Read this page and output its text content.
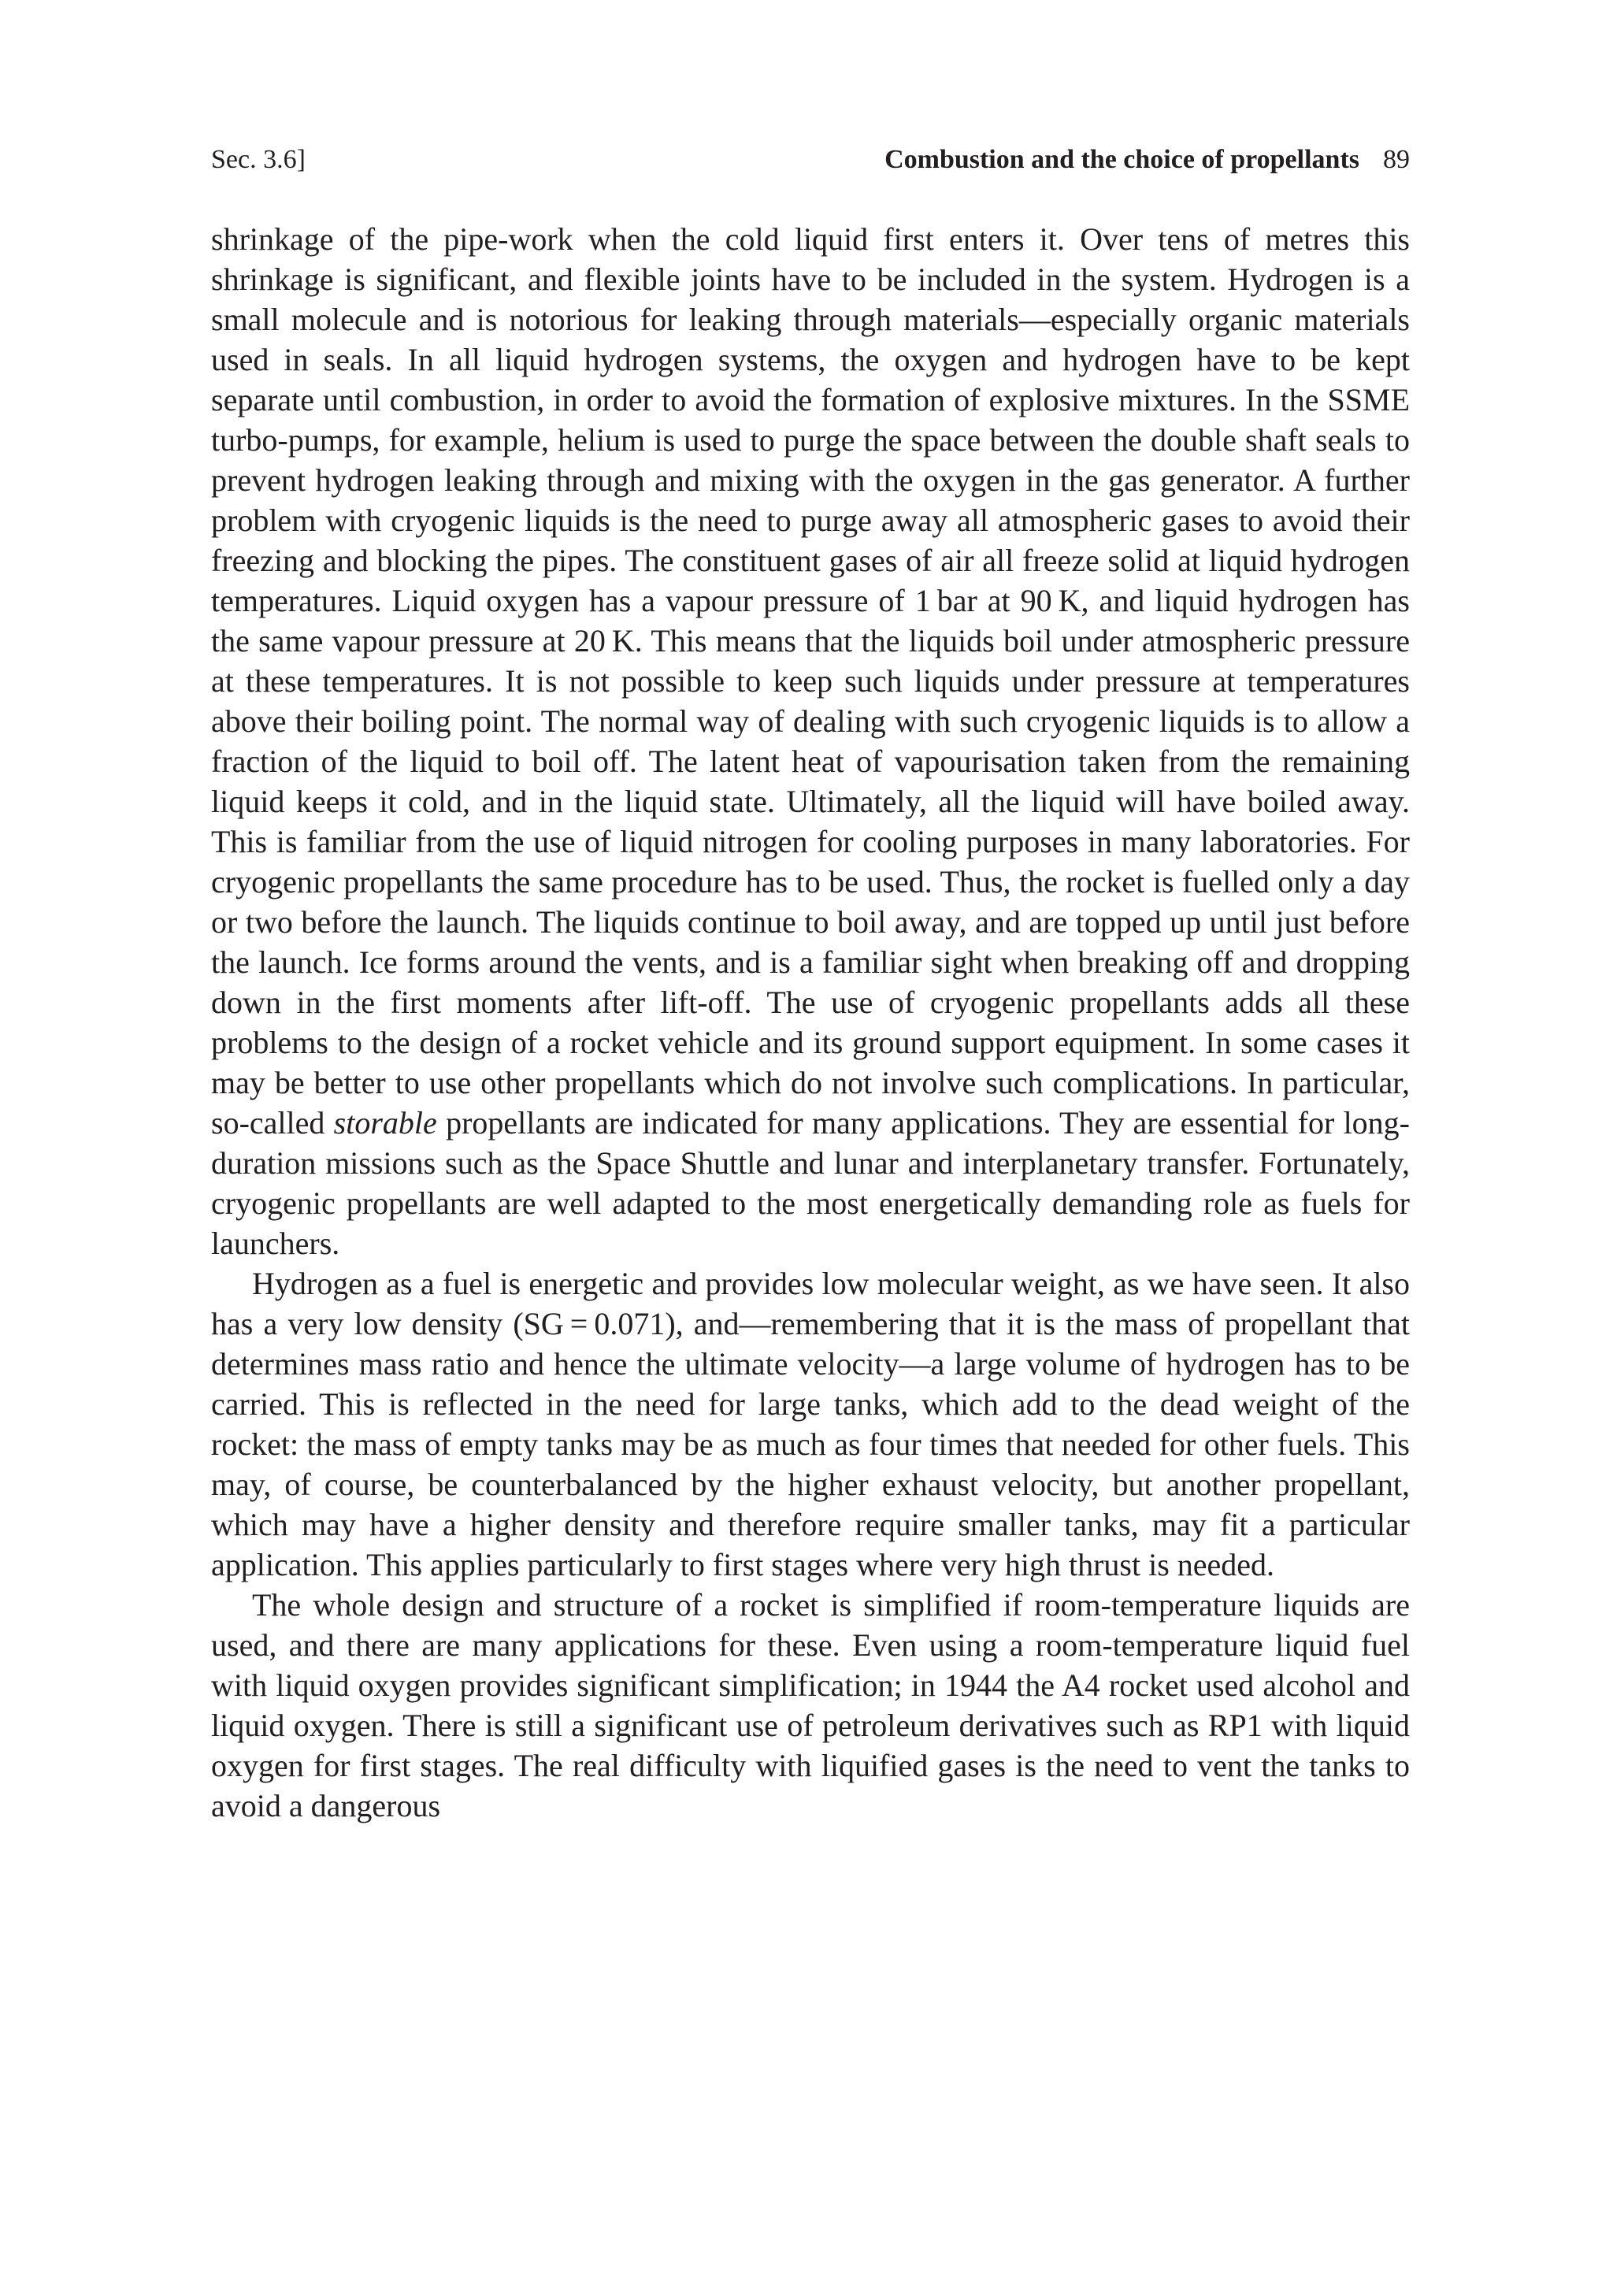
Sec. 3.6]	Combustion and the choice of propellants 89

shrinkage of the pipe-work when the cold liquid first enters it. Over tens of metres this shrinkage is significant, and flexible joints have to be included in the system. Hydrogen is a small molecule and is notorious for leaking through materials—especially organic materials used in seals. In all liquid hydrogen systems, the oxygen and hydrogen have to be kept separate until combustion, in order to avoid the formation of explosive mixtures. In the SSME turbo-pumps, for example, helium is used to purge the space between the double shaft seals to prevent hydrogen leaking through and mixing with the oxygen in the gas generator. A further problem with cryogenic liquids is the need to purge away all atmospheric gases to avoid their freezing and blocking the pipes. The constituent gases of air all freeze solid at liquid hydrogen temperatures. Liquid oxygen has a vapour pressure of 1 bar at 90 K, and liquid hydrogen has the same vapour pressure at 20 K. This means that the liquids boil under atmospheric pressure at these temperatures. It is not possible to keep such liquids under pressure at temperatures above their boiling point. The normal way of dealing with such cryogenic liquids is to allow a fraction of the liquid to boil off. The latent heat of vapourisation taken from the remaining liquid keeps it cold, and in the liquid state. Ultimately, all the liquid will have boiled away. This is familiar from the use of liquid nitrogen for cooling purposes in many laboratories. For cryogenic propellants the same procedure has to be used. Thus, the rocket is fuelled only a day or two before the launch. The liquids continue to boil away, and are topped up until just before the launch. Ice forms around the vents, and is a familiar sight when breaking off and dropping down in the first moments after lift-off. The use of cryogenic propellants adds all these problems to the design of a rocket vehicle and its ground support equipment. In some cases it may be better to use other propellants which do not involve such complications. In particular, so-called storable propellants are indicated for many applications. They are essential for long-duration missions such as the Space Shuttle and lunar and interplanetary transfer. Fortunately, cryogenic propellants are well adapted to the most energetically demanding role as fuels for launchers.

Hydrogen as a fuel is energetic and provides low molecular weight, as we have seen. It also has a very low density (SG = 0.071), and—remembering that it is the mass of propellant that determines mass ratio and hence the ultimate velocity—a large volume of hydrogen has to be carried. This is reflected in the need for large tanks, which add to the dead weight of the rocket: the mass of empty tanks may be as much as four times that needed for other fuels. This may, of course, be counterbalanced by the higher exhaust velocity, but another propellant, which may have a higher density and therefore require smaller tanks, may fit a particular application. This applies particularly to first stages where very high thrust is needed.

The whole design and structure of a rocket is simplified if room-temperature liquids are used, and there are many applications for these. Even using a room-temperature liquid fuel with liquid oxygen provides significant simplification; in 1944 the A4 rocket used alcohol and liquid oxygen. There is still a significant use of petroleum derivatives such as RP1 with liquid oxygen for first stages. The real difficulty with liquified gases is the need to vent the tanks to avoid a dangerous
